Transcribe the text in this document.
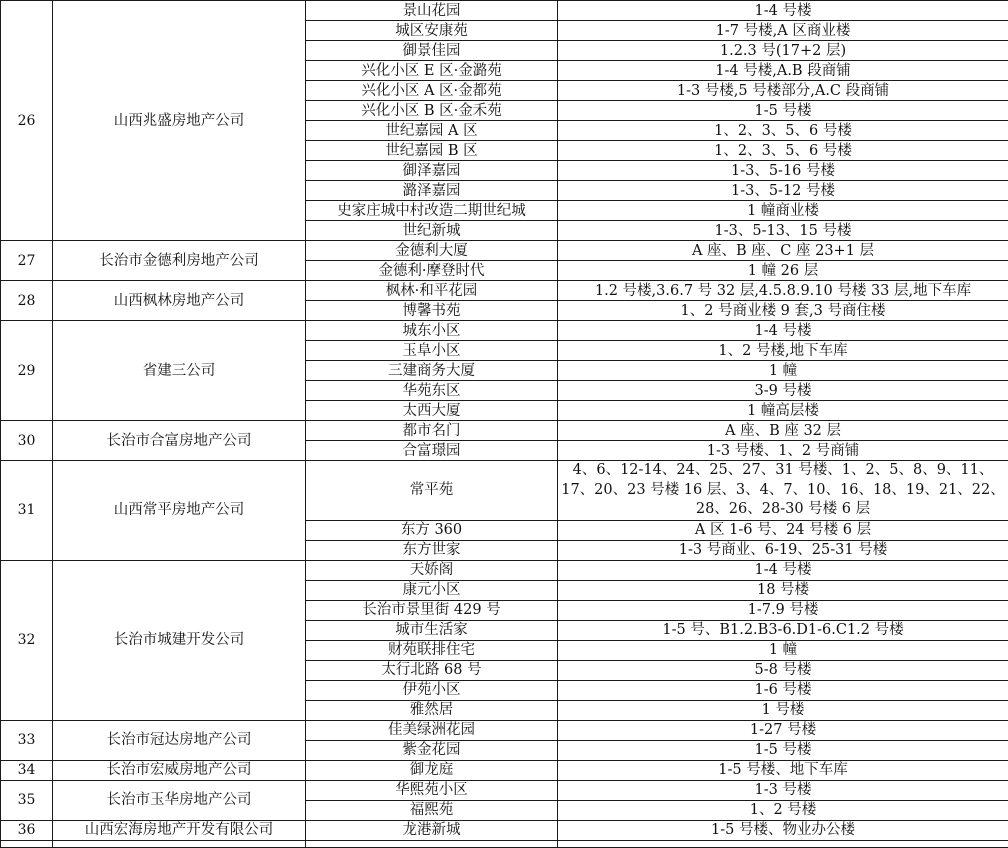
26	山西兆盛房地产公司	景山花园	1-4 号楼
		城区安康苑	1-7 号楼,A 区商业楼
		御景佳园	1.2.3 号(17+2 层)
		兴化小区 E 区·金潞苑	1-4 号楼,A.B 段商铺
		兴化小区 A 区·金都苑	1-3 号楼,5 号楼部分,A.C 段商铺
		兴化小区 B 区·金禾苑	1-5 号楼
		世纪嘉园 A 区	1、2、3、5、6 号楼
		世纪嘉园 B 区	1、2、3、5、6 号楼
		御泽嘉园	1-3、5-16 号楼
		潞泽嘉园	1-3、5-12 号楼
		史家庄城中村改造二期世纪城	1 幢商业楼
		世纪新城	1-3、5-13、15 号楼
27	长治市金德利房地产公司	金德利大厦	A 座、B 座、C 座 23+1 层
		金德利·摩登时代	1 幢 26 层
28	山西枫林房地产公司	枫林·和平花园	1.2 号楼,3.6.7 号 32 层,4.5.8.9.10 号楼 33 层,地下车库
		博馨书苑	1、2 号商业楼 9 套,3 号商住楼
29	省建三公司	城东小区	1-4 号楼
		玉阜小区	1、2 号楼,地下车库
		三建商务大厦	1 幢
		华苑东区	3-9 号楼
		太西大厦	1 幢高层楼
30	长治市合富房地产公司	都市名门	A 座、B 座 32 层
		合富璟园	1-3 号楼、1、2 号商铺
31	山西常平房地产公司	常平苑	4、6、12-14、24、25、27、31 号楼、1、2、5、8、9、11、17、20、23 号楼 16 层、3、4、7、10、16、18、19、21、22、28、26、28-30 号楼 6 层
		东方 360	A 区 1-6 号、24 号楼 6 层
		东方世家	1-3 号商业、6-19、25-31 号楼
32	长治市城建开发公司	天娇阁	1-4 号楼
		康元小区	18 号楼
		长治市景里街 429 号	1-7.9 号楼
		城市生活家	1-5 号、B1.2.B3-6.D1-6.C1.2 号楼
		财苑联排住宅	1 幢
		太行北路 68 号	5-8 号楼
		伊苑小区	1-6 号楼
		雅然居	1 号楼
33	长治市冠达房地产公司	佳美绿洲花园	1-27 号楼
		紫金花园	1-5 号楼
34	长治市宏威房地产公司	御龙庭	1-5 号楼、地下车库
35	长治市玉华房地产公司	华熙苑小区	1-3 号楼
		福熙苑	1、2 号楼
36	山西宏海房地产开发有限公司	龙港新城	1-5 号楼、物业办公楼
